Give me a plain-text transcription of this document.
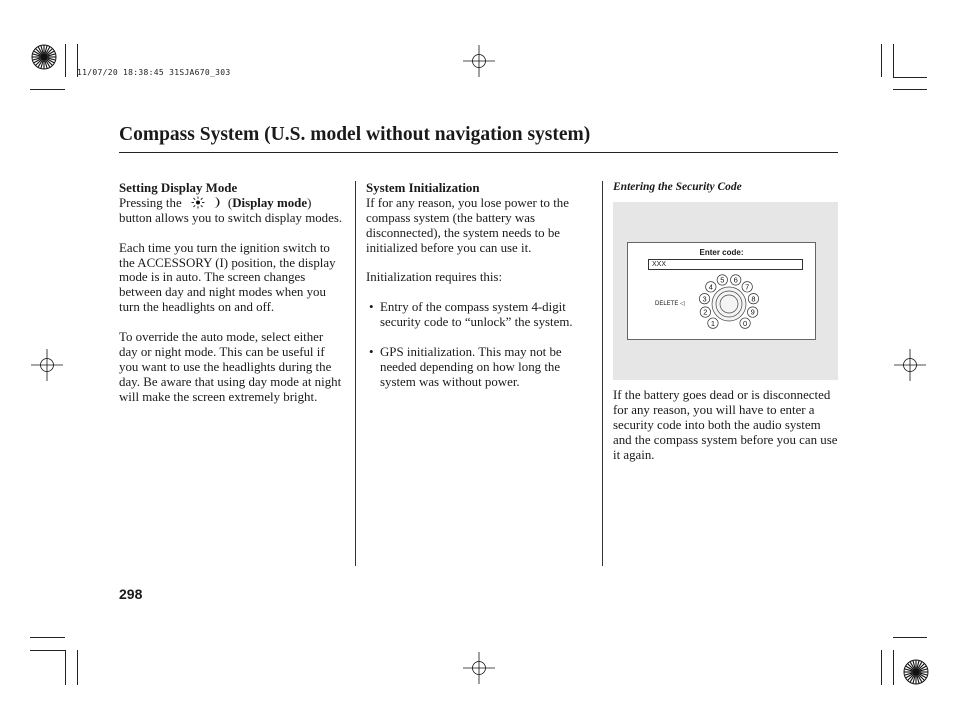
11/07/20 18:38:45 31SJA670_303
Compass System (U.S. model without navigation system)
Setting Display Mode

Pressing the	(Display mode) button allows you to switch display modes.

Each time you turn the ignition switch to the ACCESSORY (I) position, the display mode is in auto. The screen changes between day and night modes when you turn the headlights on and off.

To override the auto mode, select either day or night mode. This can be useful if you want to use the headlights during the day. Be aware that using day mode at night will make the screen extremely bright.

System Initialization

If for any reason, you lose power to the compass system (the battery was disconnected), the system needs to be initialized before you can use it.

Initialization requires this:

• Entry of the compass system 4-digit security code to “unlock” the system.
• GPS initialization. This may not be needed depending on how long the system was without power.
Entering the Security Code
Enter code:
XXX
DELETE ◁
1
2
3
4
5 6
7
8
9
0

If the battery goes dead or is disconnected for any reason, you will have to enter a security code into both the audio system and the compass system before you can use it again.

298
